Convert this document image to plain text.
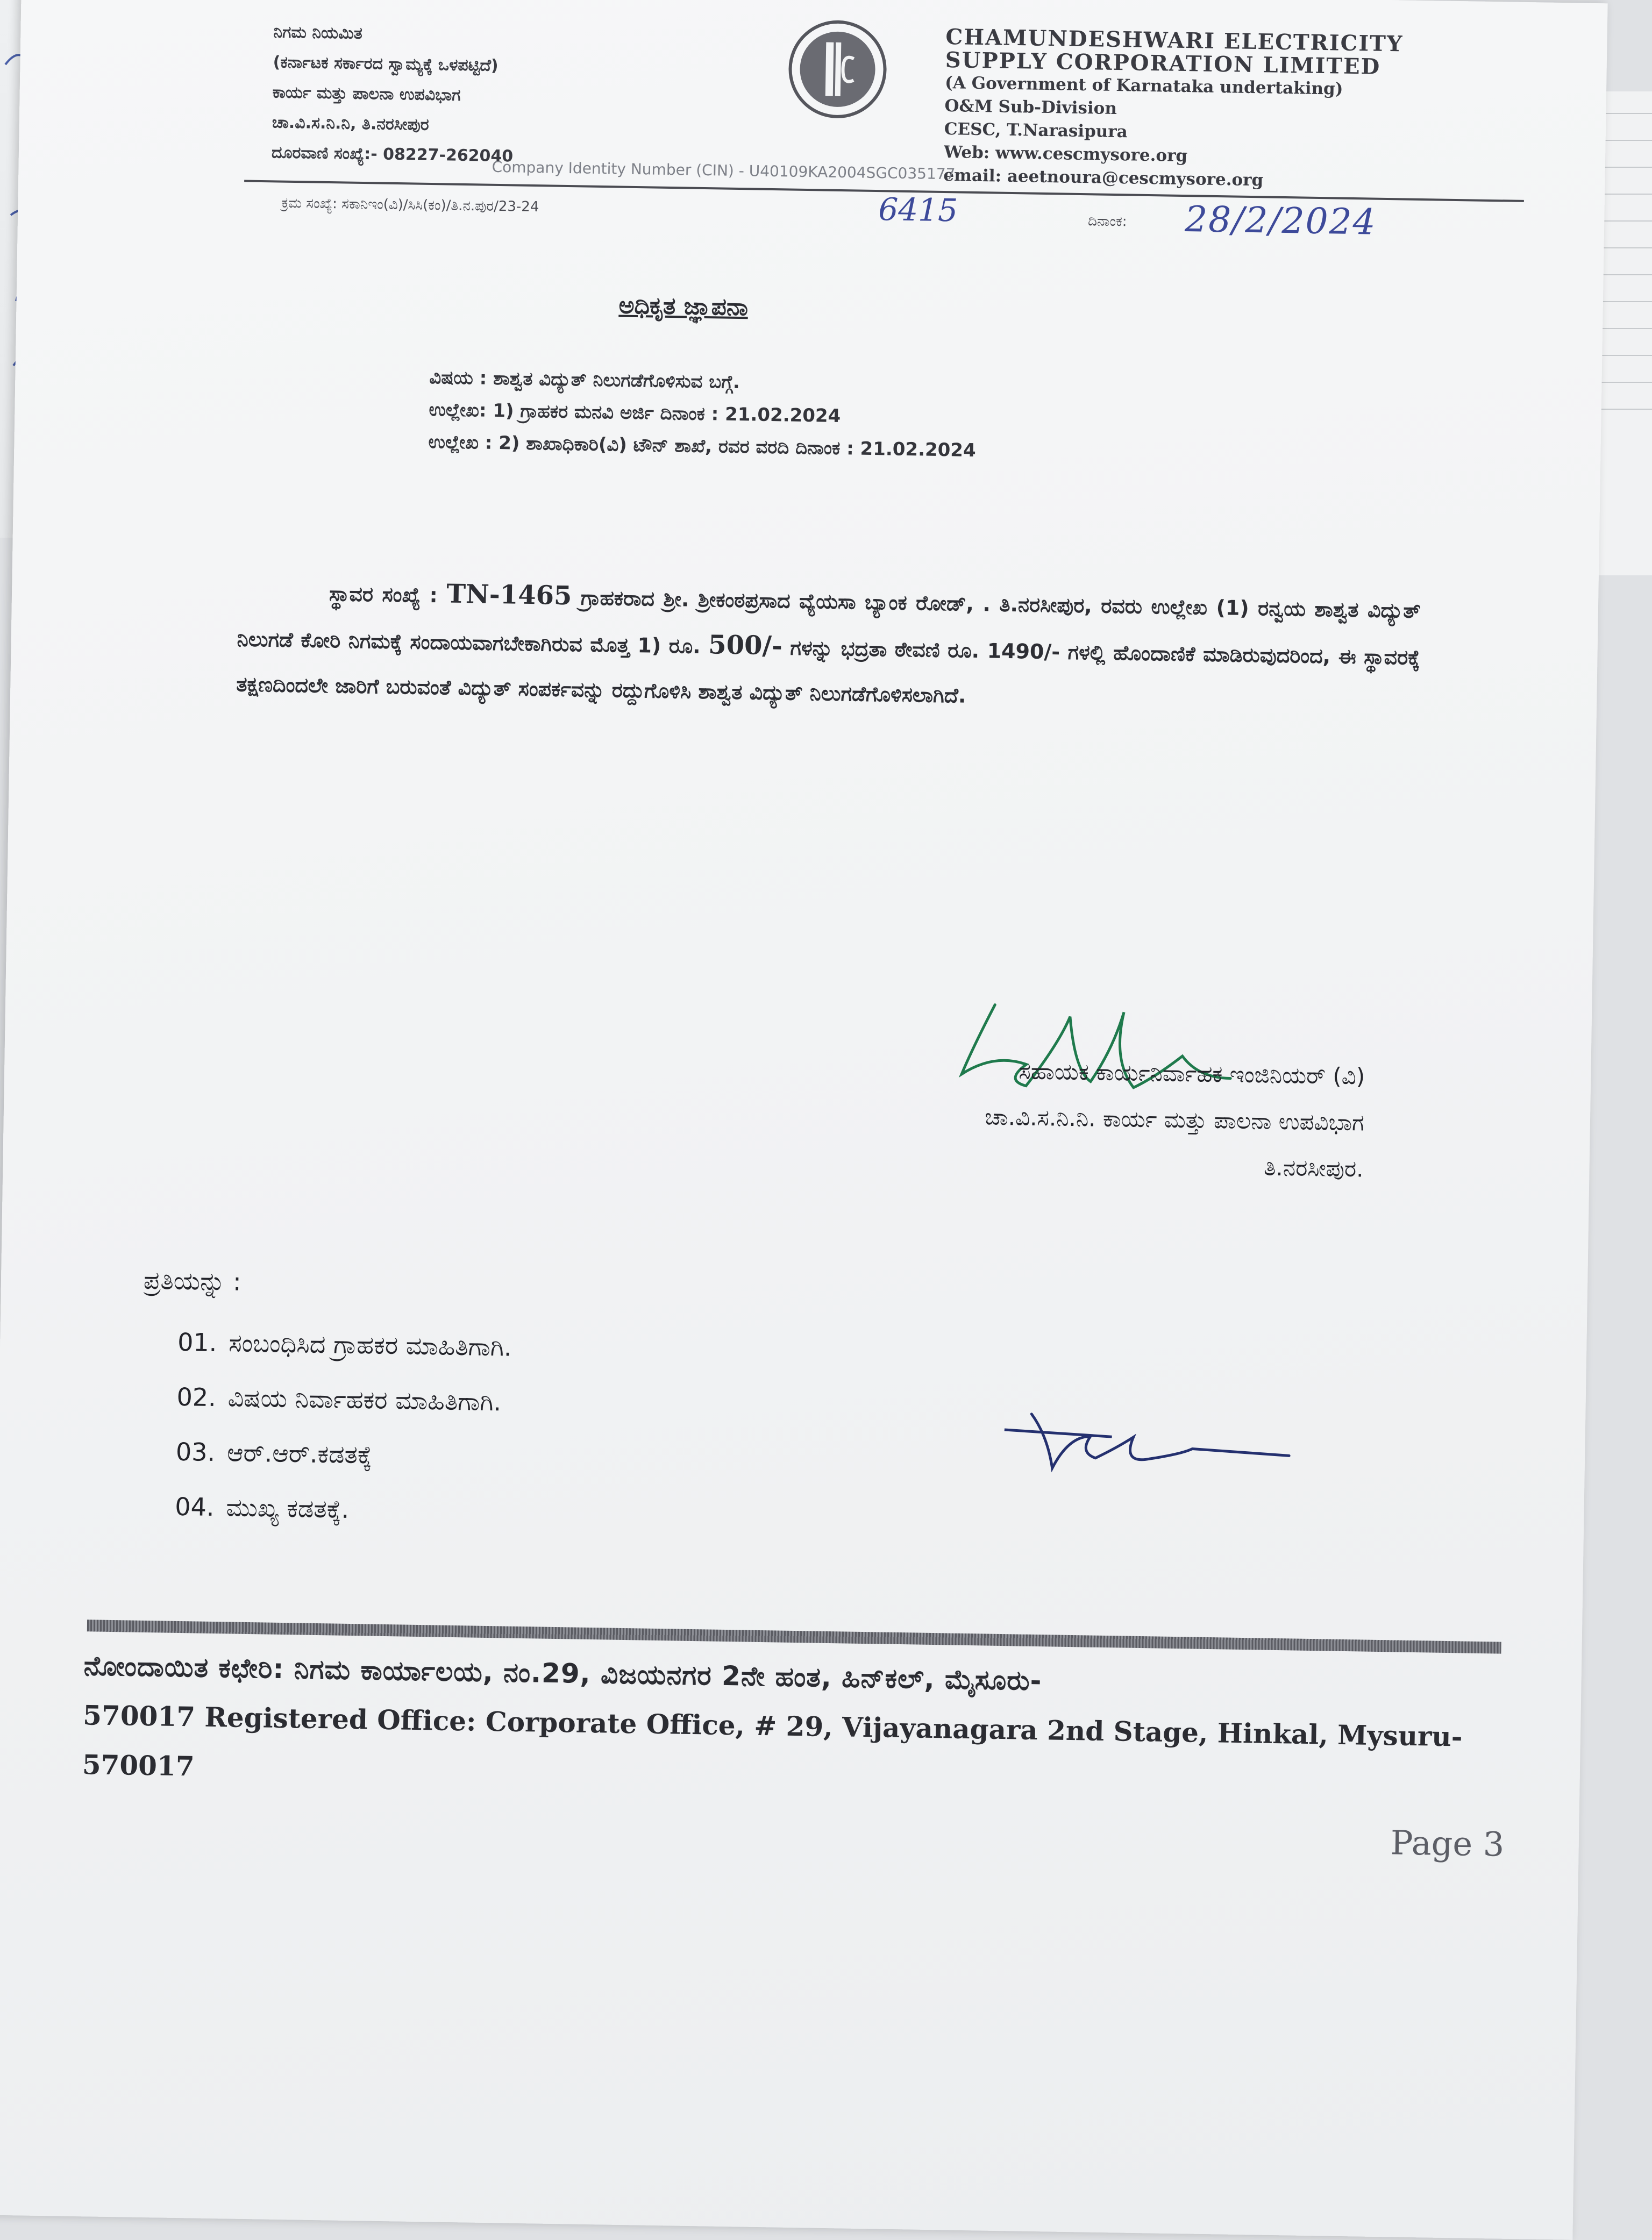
ನಿಗಮ ನಿಯಮಿತ
(ಕರ್ನಾಟಕ ಸರ್ಕಾರದ ಸ್ವಾಮ್ಯಕ್ಕೆ ಒಳಪಟ್ಟಿದೆ)
ಕಾರ್ಯ ಮತ್ತು ಪಾಲನಾ ಉಪವಿಭಾಗ
ಚಾ.ವಿ.ಸ.ನಿ.ನಿ, ತಿ.ನರಸೀಪುರ
ದೂರವಾಣಿ ಸಂಖ್ಯೆ:- 08227-262040
CHAMUNDESHWARI ELECTRICITY
SUPPLY CORPORATION LIMITED
(A Government of Karnataka undertaking)
O&M Sub-Division
CESC, T.Narasipura
Web: www.cescmysore.org
email: aeetnoura@cescmysore.org
Company Identity Number (CIN) - U40109KA2004SGC035177
ಕ್ರಮ ಸಂಖ್ಯೆ: ಸಕಾನಿಇಂ(ವಿ)/ಸಿಸಿ(ಕಂ)/ತಿ.ನ.ಪುರ/23-24	6415	ದಿನಾಂಕ: 28/2/2024
ಅಧಿಕೃತ ಜ್ಞಾಪನಾ
ವಿಷಯ : ಶಾಶ್ವತ ವಿದ್ಯುತ್ ನಿಲುಗಡೆಗೊಳಿಸುವ ಬಗ್ಗೆ.
ಉಲ್ಲೇಖ: 1) ಗ್ರಾಹಕರ ಮನವಿ ಅರ್ಜಿ ದಿನಾಂಕ : 21.02.2024
ಉಲ್ಲೇಖ : 2) ಶಾಖಾಧಿಕಾರಿ(ವಿ) ಟೌನ್ ಶಾಖೆ, ರವರ ವರದಿ ದಿನಾಂಕ : 21.02.2024
ಸ್ಥಾವರ ಸಂಖ್ಯೆ : TN-1465 ಗ್ರಾಹಕರಾದ ಶ್ರೀ. ಶ್ರೀಕಂಠಪ್ರಸಾದ ವ್ಯೆಯಸಾ ಬ್ಯಾಂಕ ರೋಡ್, . ತಿ.ನರಸೀಪುರ, ರವರು ಉಲ್ಲೇಖ (1) ರನ್ವಯ ಶಾಶ್ವತ ವಿದ್ಯುತ್ ನಿಲುಗಡೆ ಕೋರಿ ನಿಗಮಕ್ಕೆ ಸಂದಾಯವಾಗಬೇಕಾಗಿರುವ ಮೊತ್ತ 1) ರೂ. 500/- ಗಳನ್ನು ಭದ್ರತಾ ಠೇವಣಿ ರೂ. 1490/- ಗಳಲ್ಲಿ ಹೊಂದಾಣಿಕೆ ಮಾಡಿರುವುದರಿಂದ, ಈ ಸ್ಥಾವರಕ್ಕೆ ತಕ್ಷಣದಿಂದಲೇ ಜಾರಿಗೆ ಬರುವಂತೆ ವಿದ್ಯುತ್ ಸಂಪರ್ಕವನ್ನು ರದ್ದುಗೊಳಿಸಿ ಶಾಶ್ವತ ವಿದ್ಯುತ್ ನಿಲುಗಡೆಗೊಳಿಸಲಾಗಿದೆ.
ಸಹಾಯಕ ಕಾರ್ಯನಿರ್ವಾಹಕ ಇಂಜಿನಿಯರ್ (ವಿ)
ಚಾ.ವಿ.ಸ.ನಿ.ನಿ. ಕಾರ್ಯ ಮತ್ತು ಪಾಲನಾ ಉಪವಿಭಾಗ
ತಿ.ನರಸೀಪುರ.
ಪ್ರತಿಯನ್ನು :
01. ಸಂಬಂಧಿಸಿದ ಗ್ರಾಹಕರ ಮಾಹಿತಿಗಾಗಿ.
02. ವಿಷಯ ನಿರ್ವಾಹಕರ ಮಾಹಿತಿಗಾಗಿ.
03. ಆರ್.ಆರ್.ಕಡತಕ್ಕೆ
04. ಮುಖ್ಯ ಕಡತಕ್ಕೆ.
ನೋಂದಾಯಿತ ಕಛೇರಿ: ನಿಗಮ ಕಾರ್ಯಾಲಯ, ನಂ.29, ವಿಜಯನಗರ 2ನೇ ಹಂತ, ಹಿನ್‌ಕಲ್, ಮೈಸೂರು-
570017 Registered Office: Corporate Office, # 29, Vijayanagara 2nd Stage, Hinkal, Mysuru-
570017
Page 3
